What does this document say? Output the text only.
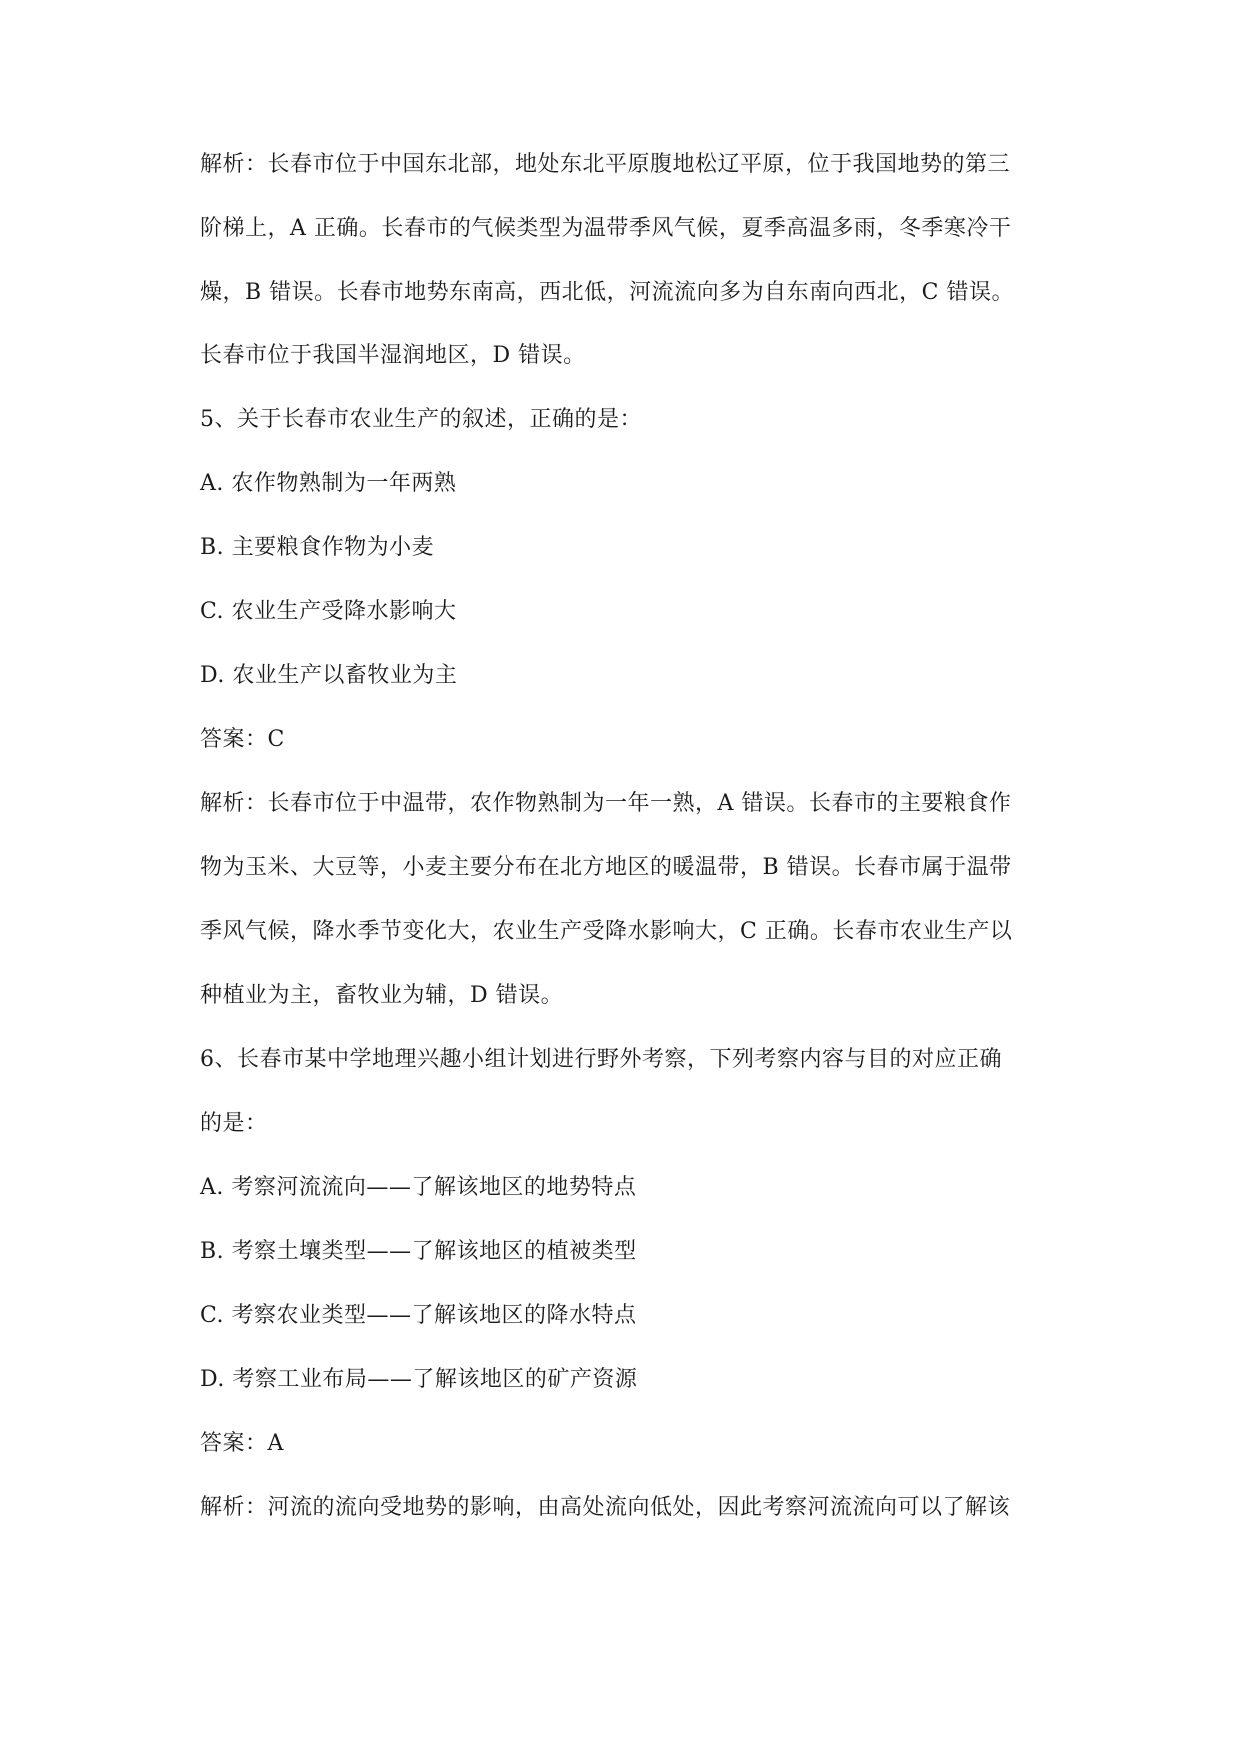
解析：长春市位于中国东北部，地处东北平原腹地松辽平原，位于我国地势的第三
阶梯上，A 正确。长春市的气候类型为温带季风气候，夏季高温多雨，冬季寒冷干
燥，B 错误。长春市地势东南高，西北低，河流流向多为自东南向西北，C 错误。
长春市位于我国半湿润地区，D 错误。
5、关于长春市农业生产的叙述，正确的是：
A. 农作物熟制为一年两熟
B. 主要粮食作物为小麦
C. 农业生产受降水影响大
D. 农业生产以畜牧业为主
答案：C
解析：长春市位于中温带，农作物熟制为一年一熟，A 错误。长春市的主要粮食作
物为玉米、大豆等，小麦主要分布在北方地区的暖温带，B 错误。长春市属于温带
季风气候，降水季节变化大，农业生产受降水影响大，C 正确。长春市农业生产以
种植业为主，畜牧业为辅，D 错误。
6、长春市某中学地理兴趣小组计划进行野外考察，下列考察内容与目的对应正确
的是：
A. 考察河流流向——了解该地区的地势特点
B. 考察土壤类型——了解该地区的植被类型
C. 考察农业类型——了解该地区的降水特点
D. 考察工业布局——了解该地区的矿产资源
答案：A
解析：河流的流向受地势的影响，由高处流向低处，因此考察河流流向可以了解该
